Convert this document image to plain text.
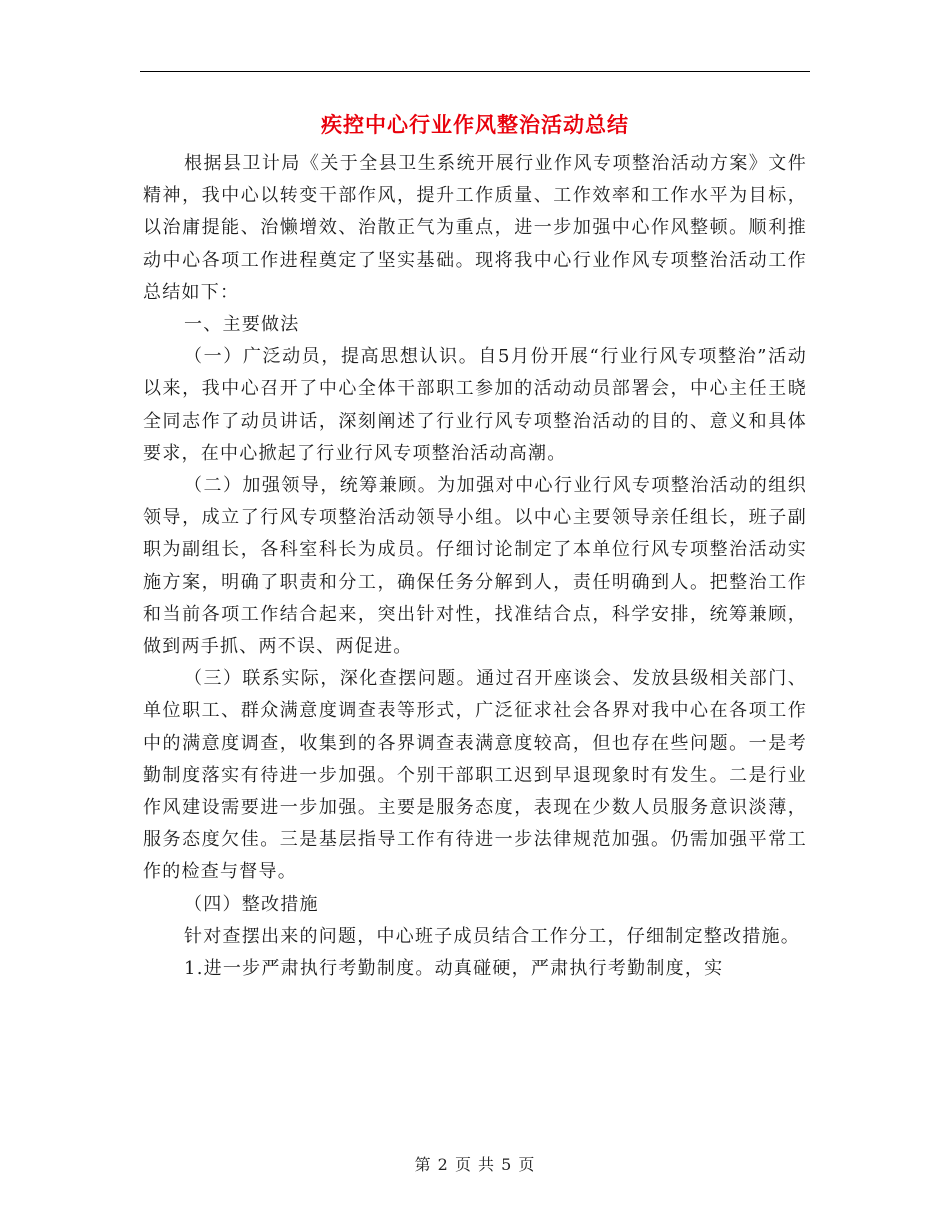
疾控中心行业作风整治活动总结

根据县卫计局《关于全县卫生系统开展行业作风专项整治活动方案》文件精神，我中心以转变干部作风，提升工作质量、工作效率和工作水平为目标，以治庸提能、治懒增效、治散正气为重点，进一步加强中心作风整顿。顺利推动中心各项工作进程奠定了坚实基础。现将我中心行业作风专项整治活动工作总结如下：

一、主要做法

（一）广泛动员，提高思想认识。自5月份开展“行业行风专项整治”活动以来，我中心召开了中心全体干部职工参加的活动动员部署会，中心主任王晓全同志作了动员讲话，深刻阐述了行业行风专项整治活动的目的、意义和具体要求，在中心掀起了行业行风专项整治活动高潮。

（二）加强领导，统筹兼顾。为加强对中心行业行风专项整治活动的组织领导，成立了行风专项整治活动领导小组。以中心主要领导亲任组长，班子副职为副组长，各科室科长为成员。仔细讨论制定了本单位行风专项整治活动实施方案，明确了职责和分工，确保任务分解到人，责任明确到人。把整治工作和当前各项工作结合起来，突出针对性，找准结合点，科学安排，统筹兼顾，做到两手抓、两不误、两促进。

（三）联系实际，深化查摆问题。通过召开座谈会、发放县级相关部门、单位职工、群众满意度调查表等形式，广泛征求社会各界对我中心在各项工作中的满意度调查，收集到的各界调查表满意度较高，但也存在些问题。一是考勤制度落实有待进一步加强。个别干部职工迟到早退现象时有发生。二是行业作风建设需要进一步加强。主要是服务态度，表现在少数人员服务意识淡薄，服务态度欠佳。三是基层指导工作有待进一步法律规范加强。仍需加强平常工作的检查与督导。

（四）整改措施

针对查摆出来的问题，中心班子成员结合工作分工，仔细制定整改措施。

1.进一步严肃执行考勤制度。动真碰硬，严肃执行考勤制度，实

第 2 页 共 5 页
